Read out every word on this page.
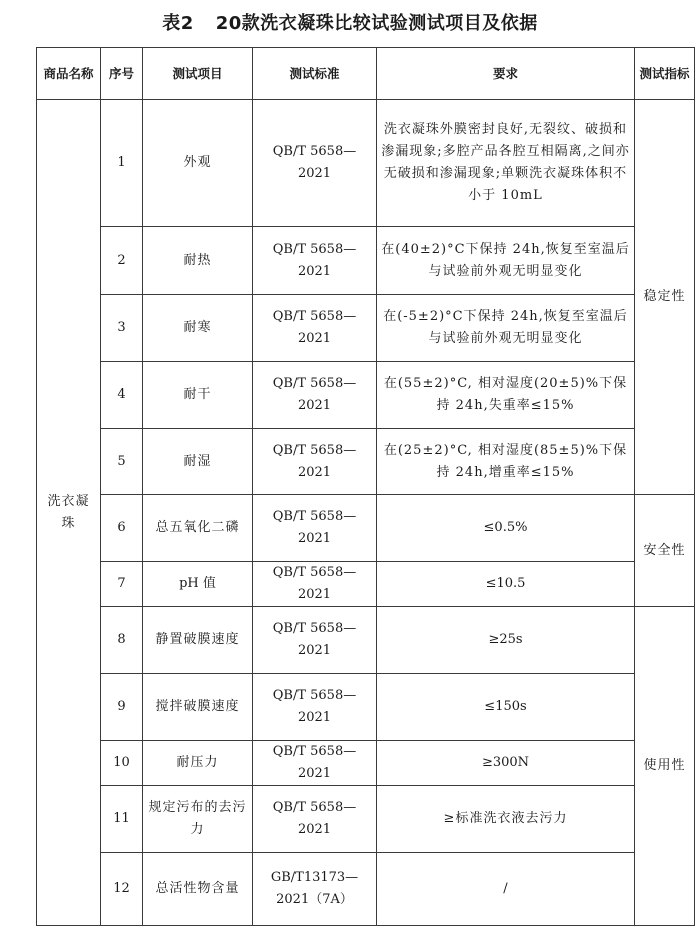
表2 20款洗衣凝珠比较试验测试项目及依据
商品名称	序号	测试项目	测试标准	要求	测试指标
洗衣凝珠	1	外观	QB/T 5658—2021	洗衣凝珠外膜密封良好,无裂纹、破损和渗漏现象;多腔产品各腔互相隔离,之间亦无破损和渗漏现象;单颗洗衣凝珠体积不小于 10mL	稳定性
	2	耐热	QB/T 5658—2021	在(40±2)°C下保持 24h,恢复至室温后与试验前外观无明显变化	
	3	耐寒	QB/T 5658—2021	在(-5±2)°C下保持 24h,恢复至室温后与试验前外观无明显变化	
	4	耐干	QB/T 5658—2021	在(55±2)°C, 相对湿度(20±5)%下保持 24h,失重率≤15%	
	5	耐湿	QB/T 5658—2021	在(25±2)°C, 相对湿度(85±5)%下保持 24h,增重率≤15%	
	6	总五氧化二磷	QB/T 5658—2021	≤0.5%	安全性
	7	pH 值	QB/T 5658—2021	≤10.5	
	8	静置破膜速度	QB/T 5658—2021	≥25s	使用性
	9	搅拌破膜速度	QB/T 5658—2021	≤150s	
	10	耐压力	QB/T 5658—2021	≥300N	
	11	规定污布的去污力	QB/T 5658—2021	≥标准洗衣液去污力	
	12	总活性物含量	GB/T13173—2021（7A）	/	
